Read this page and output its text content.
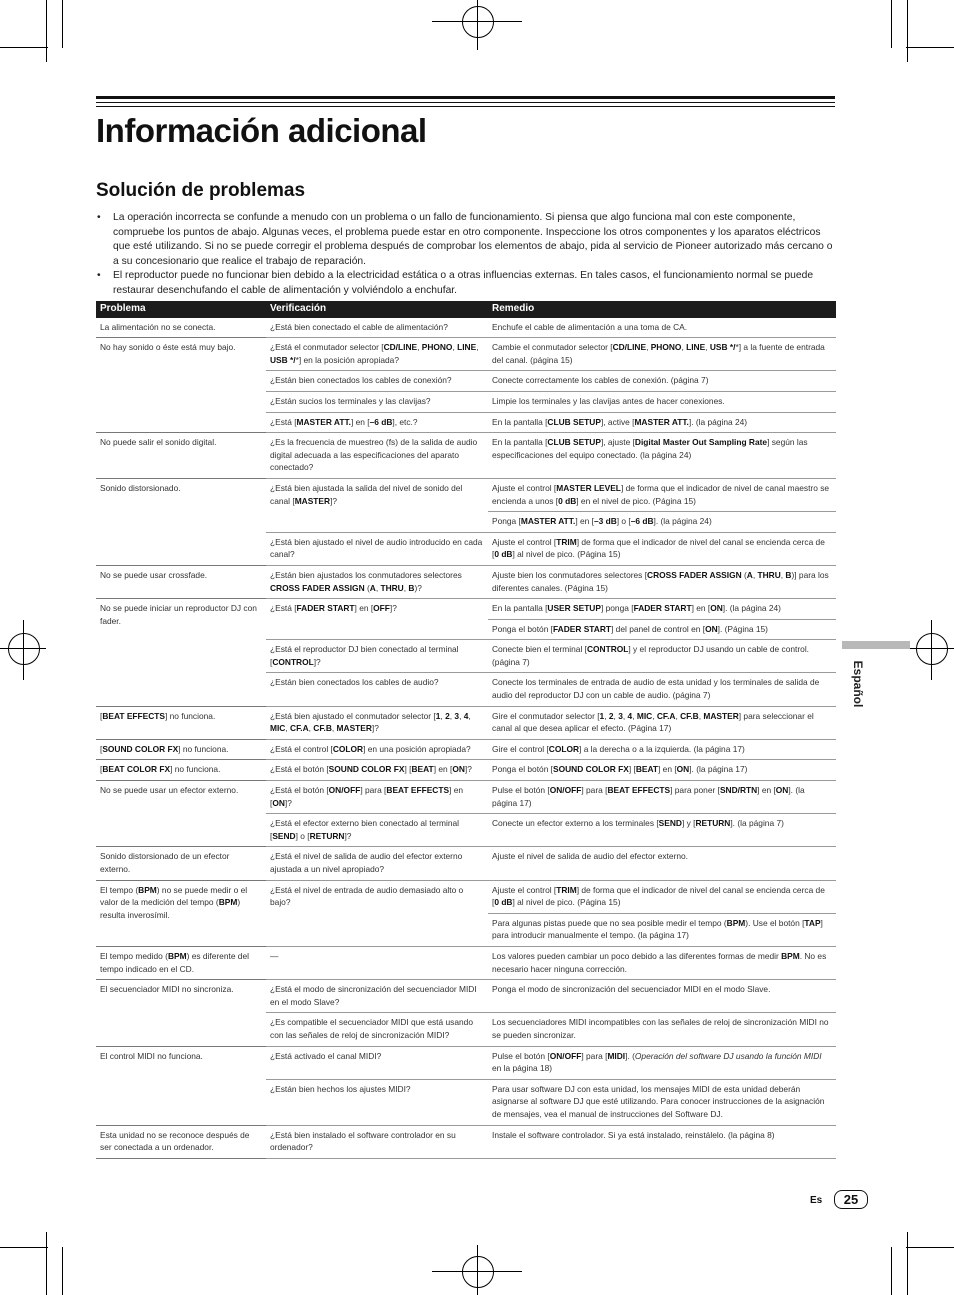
Información adicional
Solución de problemas
• La operación incorrecta se confunde a menudo con un problema o un fallo de funcionamiento. Si piensa que algo funciona mal con este componente, compruebe los puntos de abajo. Algunas veces, el problema puede estar en otro componente. Inspeccione los otros componentes y los aparatos eléctricos que esté utilizando. Si no se puede corregir el problema después de comprobar los elementos de abajo, pida al servicio de Pioneer autorizado más cercano o a su concesionario que realice el trabajo de reparación.
• El reproductor puede no funcionar bien debido a la electricidad estática o a otras influencias externas. En tales casos, el funcionamiento normal se puede restaurar desenchufando el cable de alimentación y volviéndolo a enchufar.
Problema	Verificación	Remedio
La alimentación no se conecta.	¿Está bien conectado el cable de alimentación?	Enchufe el cable de alimentación a una toma de CA.
No hay sonido o éste está muy bajo.	¿Está el conmutador selector [CD/LINE, PHONO, LINE, USB */*] en la posición apropiada?	Cambie el conmutador selector [CD/LINE, PHONO, LINE, USB */*] a la fuente de entrada del canal. (página 15)
	¿Están bien conectados los cables de conexión?	Conecte correctamente los cables de conexión. (página 7)
	¿Están sucios los terminales y las clavijas?	Limpie los terminales y las clavijas antes de hacer conexiones.
	¿Está [MASTER ATT.] en [–6 dB], etc.?	En la pantalla [CLUB SETUP], active [MASTER ATT.]. (la página 24)
No puede salir el sonido digital.	¿Es la frecuencia de muestreo (fs) de la salida de audio digital adecuada a las especificaciones del aparato conectado?	En la pantalla [CLUB SETUP], ajuste [Digital Master Out Sampling Rate] según las especificaciones del equipo conectado. (la página 24)
Sonido distorsionado.	¿Está bien ajustada la salida del nivel de sonido del canal [MASTER]?	Ajuste el control [MASTER LEVEL] de forma que el indicador de nivel de canal maestro se encienda a unos [0 dB] en el nivel de pico. (Página 15)
		Ponga [MASTER ATT.] en [–3 dB] o [–6 dB]. (la página 24)
	¿Está bien ajustado el nivel de audio introducido en cada canal?	Ajuste el control [TRIM] de forma que el indicador de nivel del canal se encienda cerca de [0 dB] al nivel de pico. (Página 15)
No se puede usar crossfade.	¿Están bien ajustados los conmutadores selectores CROSS FADER ASSIGN (A, THRU, B)?	Ajuste bien los conmutadores selectores [CROSS FADER ASSIGN (A, THRU, B)] para los diferentes canales. (Página 15)
No se puede iniciar un reproductor DJ con fader.	¿Está [FADER START] en [OFF]?	En la pantalla [USER SETUP] ponga [FADER START] en [ON]. (la página 24)
		Ponga el botón [FADER START] del panel de control en [ON]. (Página 15)
	¿Está el reproductor DJ bien conectado al terminal [CONTROL]?	Conecte bien el terminal [CONTROL] y el reproductor DJ usando un cable de control. (página 7)
	¿Están bien conectados los cables de audio?	Conecte los terminales de entrada de audio de esta unidad y los terminales de salida de audio del reproductor DJ con un cable de audio. (página 7)
[BEAT EFFECTS] no funciona.	¿Está bien ajustado el conmutador selector [1, 2, 3, 4, MIC, CF.A, CF.B, MASTER]?	Gire el conmutador selector [1, 2, 3, 4, MIC, CF.A, CF.B, MASTER] para seleccionar el canal al que desea aplicar el efecto. (Página 17)
[SOUND COLOR FX] no funciona.	¿Está el control [COLOR] en una posición apropiada?	Gire el control [COLOR] a la derecha o a la izquierda. (la página 17)
[BEAT COLOR FX] no funciona.	¿Está el botón [SOUND COLOR FX] [BEAT] en [ON]?	Ponga el botón [SOUND COLOR FX] [BEAT] en [ON]. (la página 17)
No se puede usar un efector externo.	¿Está el botón [ON/OFF] para [BEAT EFFECTS] en [ON]?	Pulse el botón [ON/OFF] para [BEAT EFFECTS] para poner [SND/RTN] en [ON]. (la página 17)
	¿Está el efector externo bien conectado al terminal [SEND] o [RETURN]?	Conecte un efector externo a los terminales [SEND] y [RETURN]. (la página 7)
Sonido distorsionado de un efector externo.	¿Está el nivel de salida de audio del efector externo ajustada a un nivel apropiado?	Ajuste el nivel de salida de audio del efector externo.
El tempo (BPM) no se puede medir o el valor de la medición del tempo (BPM) resulta inverosímil.	¿Está el nivel de entrada de audio demasiado alto o bajo?	Ajuste el control [TRIM] de forma que el indicador de nivel del canal se encienda cerca de [0 dB] al nivel de pico. (Página 15)
		Para algunas pistas puede que no sea posible medir el tempo (BPM). Use el botón [TAP] para introducir manualmente el tempo. (la página 17)
El tempo medido (BPM) es diferente del tempo indicado en el CD.	—	Los valores pueden cambiar un poco debido a las diferentes formas de medir BPM. No es necesario hacer ninguna corrección.
El secuenciador MIDI no sincroniza.	¿Está el modo de sincronización del secuenciador MIDI en el modo Slave?	Ponga el modo de sincronización del secuenciador MIDI en el modo Slave.
	¿Es compatible el secuenciador MIDI que está usando con las señales de reloj de sincronización MIDI?	Los secuenciadores MIDI incompatibles con las señales de reloj de sincronización MIDI no se pueden sincronizar.
El control MIDI no funciona.	¿Está activado el canal MIDI?	Pulse el botón [ON/OFF] para [MIDI]. (Operación del software DJ usando la función MIDI en la página 18)
	¿Están bien hechos los ajustes MIDI?	Para usar software DJ con esta unidad, los mensajes MIDI de esta unidad deberán asignarse al software DJ que esté utilizando. Para conocer instrucciones de la asignación de mensajes, vea el manual de instrucciones del Software DJ.
Esta unidad no se reconoce después de ser conectada a un ordenador.	¿Está bien instalado el software controlador en su ordenador?	Instale el software controlador. Si ya está instalado, reinstálelo. (la página 8)
Español
Es	25
